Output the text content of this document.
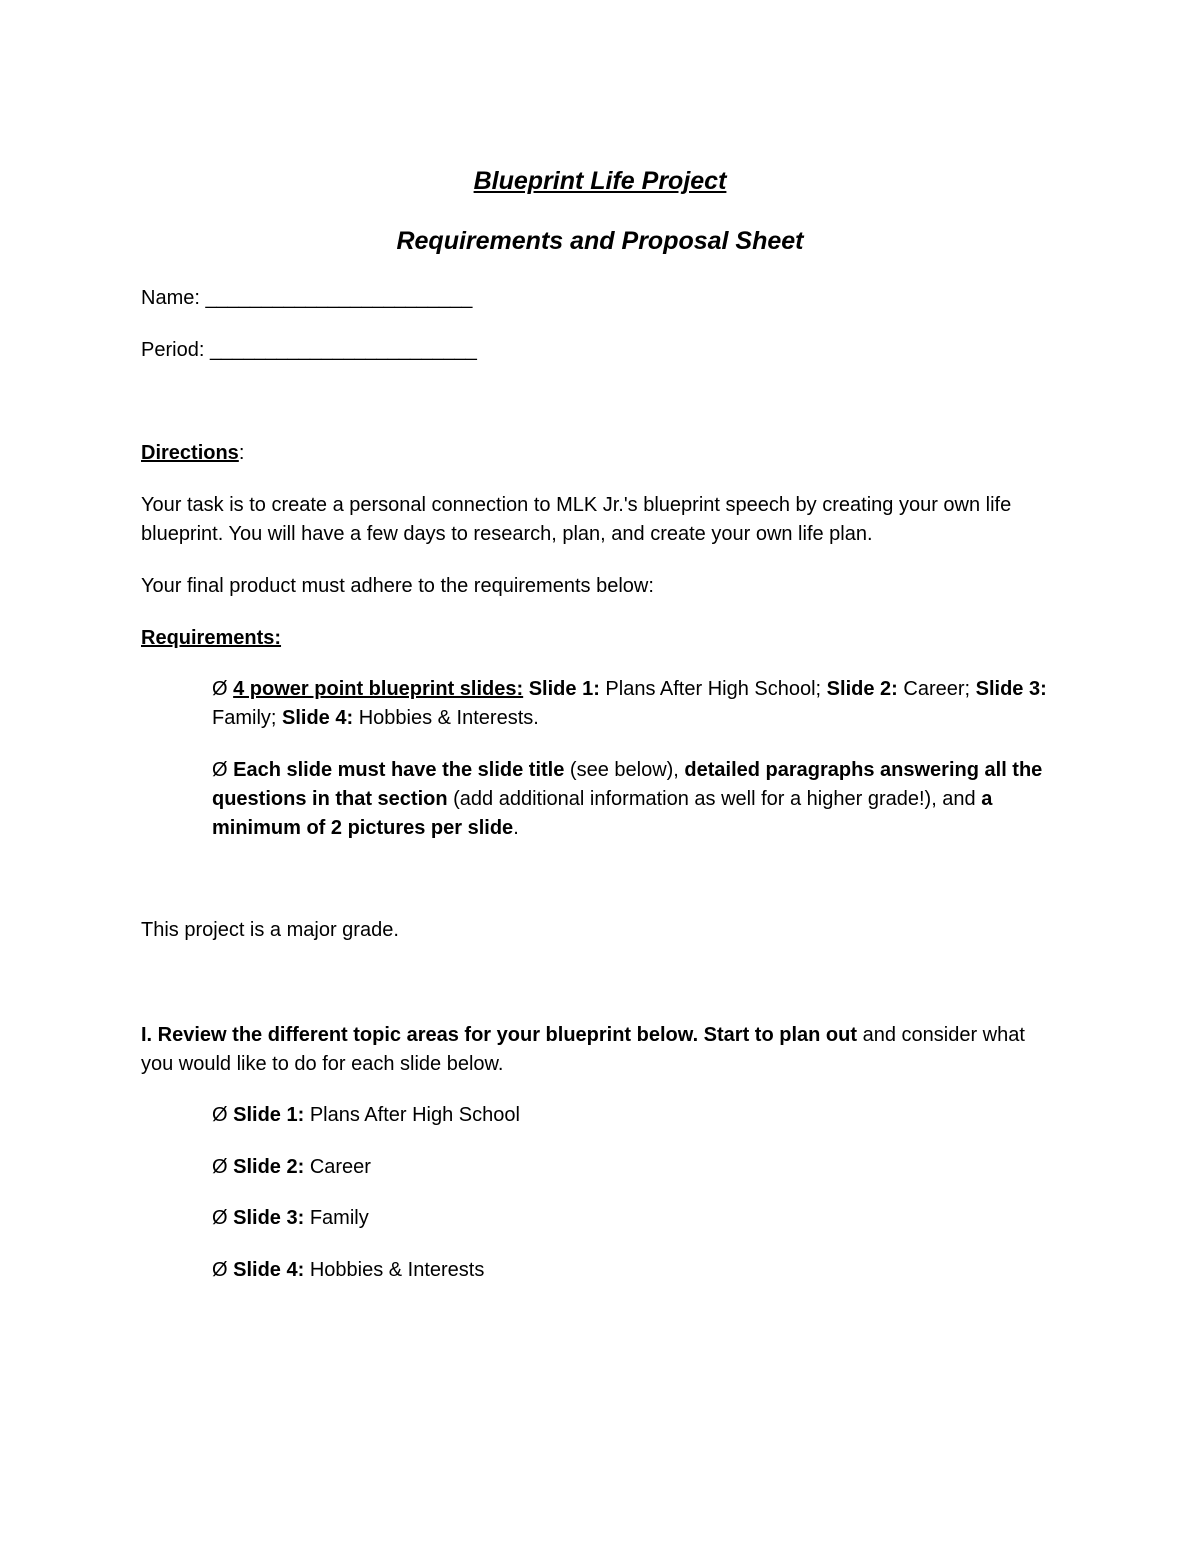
Blueprint Life Project
Requirements and Proposal Sheet

Name: ________________________

Period: ________________________

Directions:

Your task is to create a personal connection to MLK Jr.'s blueprint speech by creating your own life blueprint. You will have a few days to research, plan, and create your own life plan.

Your final product must adhere to the requirements below:

Requirements:

Ø 4 power point blueprint slides: Slide 1: Plans After High School; Slide 2: Career; Slide 3: Family; Slide 4: Hobbies & Interests.

Ø Each slide must have the slide title (see below), detailed paragraphs answering all the questions in that section (add additional information as well for a higher grade!), and a minimum of 2 pictures per slide.

This project is a major grade.

I. Review the different topic areas for your blueprint below. Start to plan out and consider what you would like to do for each slide below.

Ø Slide 1: Plans After High School

Ø Slide 2: Career

Ø Slide 3: Family

Ø Slide 4: Hobbies & Interests
